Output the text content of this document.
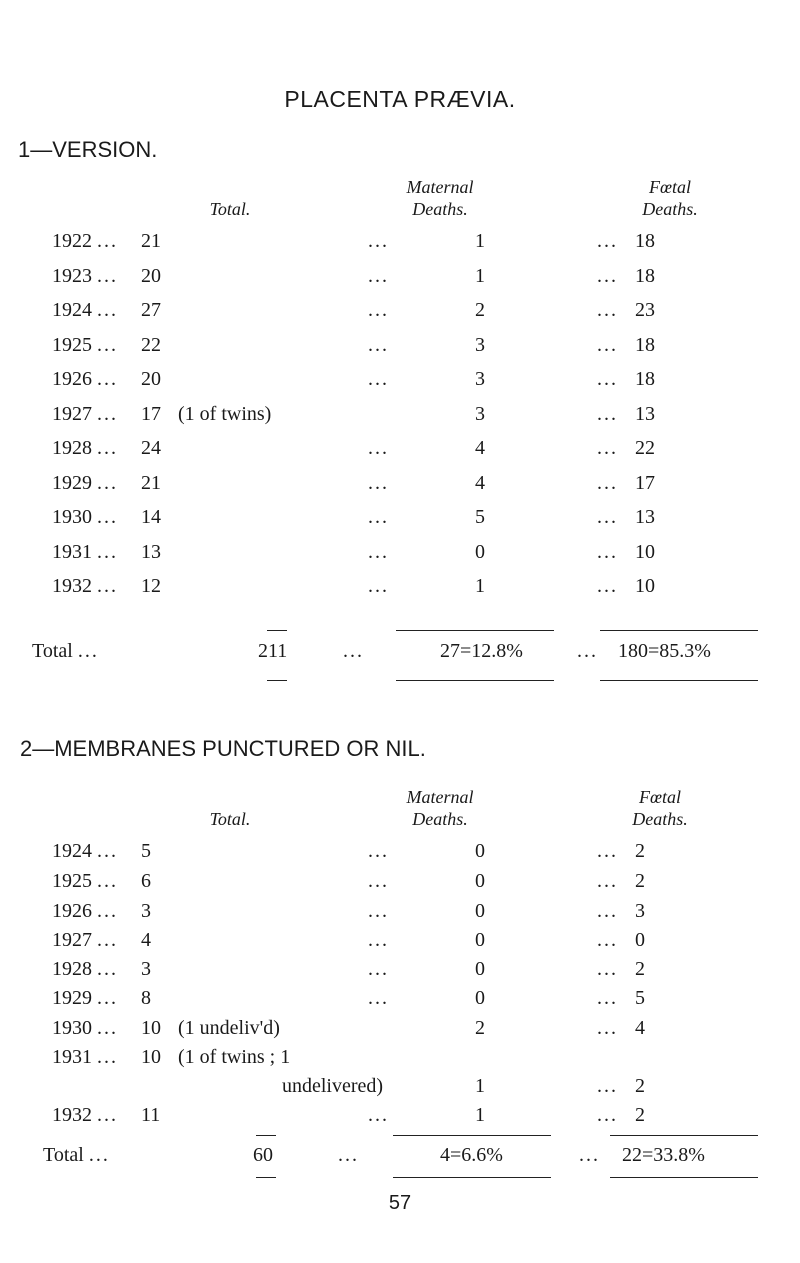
PLACENTA PRÆVIA.
1—VERSION.
Maternal
Deaths.
Fœtal
Deaths.
Total.
1922 ... 21	...	1	... 18
1923 ... 20	...	1	... 18
1924 ... 27	...	2	... 23
1925 ... 22	...	3	... 18
1926 ... 20	...	3	... 18
1927 ... 17 (1 of twins)	3	... 13
1928 ... 24	...	4	... 22
1929 ... 21	...	4	... 17
1930 ... 14	...	5	... 13
1931 ... 13	...	0	... 10
1932 ... 12	...	1	... 10
Total ...	211	...	27=12.8%	... 180=85.3%
2—MEMBRANES PUNCTURED OR NIL.
Maternal
Deaths.
Fœtal
Deaths.
Total.
1924 ... 5	...	0	... 2
1925 ... 6	...	0	... 2
1926 ... 3	...	0	... 3
1927 ... 4	...	0	... 0
1928 ... 3	...	0	... 2
1929 ... 8	...	0	... 5
1930 ... 10 (1 undeliv'd)	2	... 4
1931 ... 10 (1 of twins ; 1
undelivered)	1	... 2
1932 ... 11	...	1	... 2
Total ...	60	...	4=6.6%	... 22=33.8%
57
